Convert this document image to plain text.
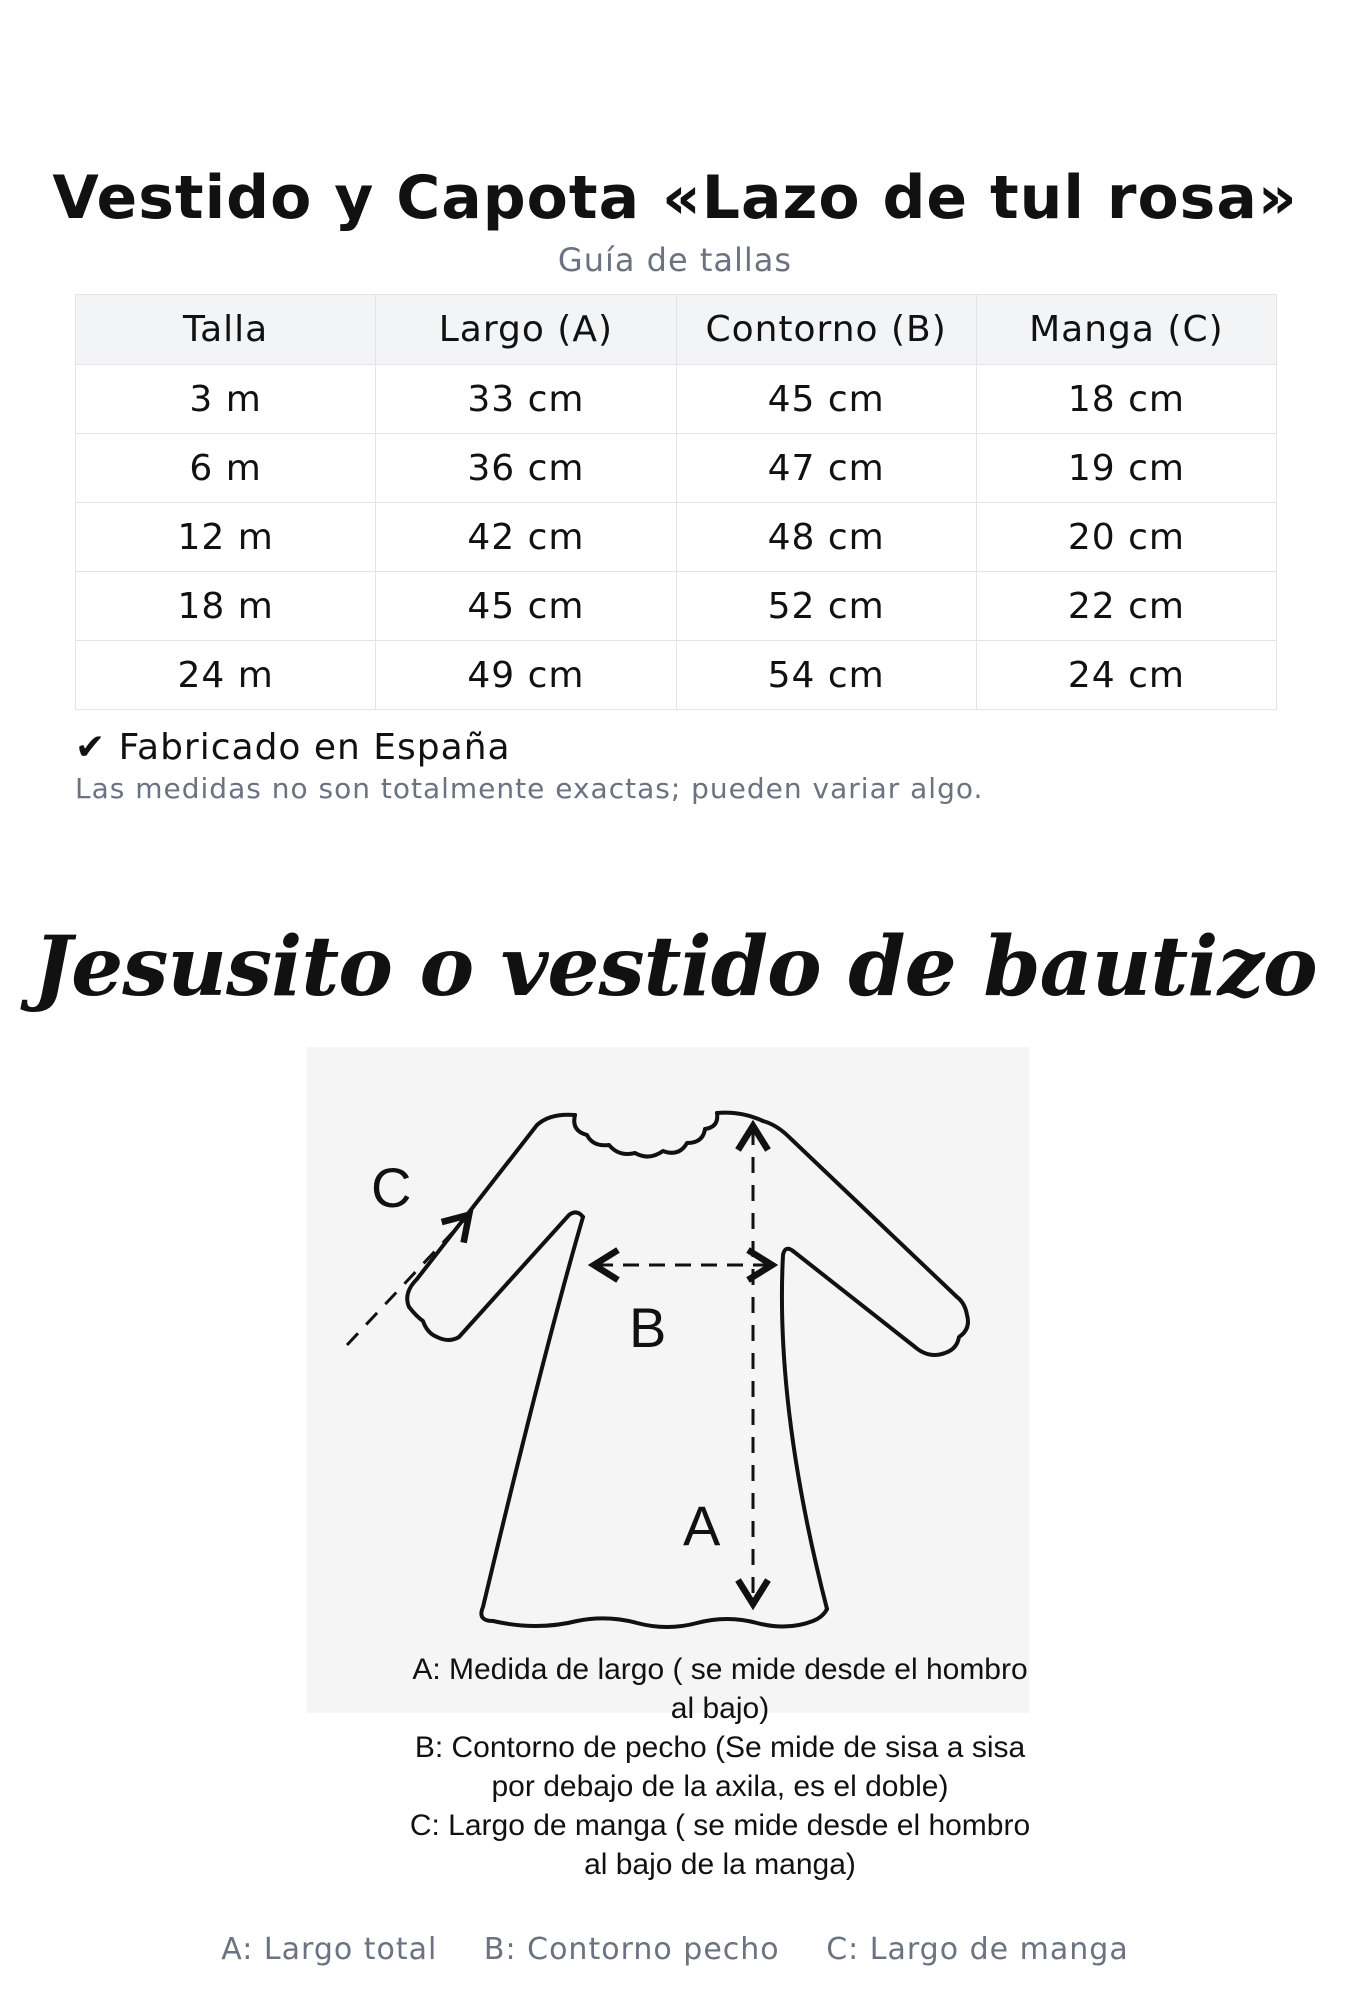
Vestido y Capota «Lazo de tul rosa»
Guía de tallas
Talla	Largo (A)	Contorno (B)	Manga (C)
3 m	33 cm	45 cm	18 cm
6 m	36 cm	47 cm	19 cm
12 m	42 cm	48 cm	20 cm
18 m	45 cm	52 cm	22 cm
24 m	49 cm	54 cm	24 cm
✔ Fabricado en España
Las medidas no son totalmente exactas; pueden variar algo.
Jesusito o vestido de bautizo
C
B
A
A: Medida de largo ( se mide desde el hombro
al bajo)
B: Contorno de pecho (Se mide de sisa a sisa
por debajo de la axila, es el doble)
C: Largo de manga ( se mide desde el hombro
al bajo de la manga)
A: Largo total B: Contorno pecho C: Largo de manga
